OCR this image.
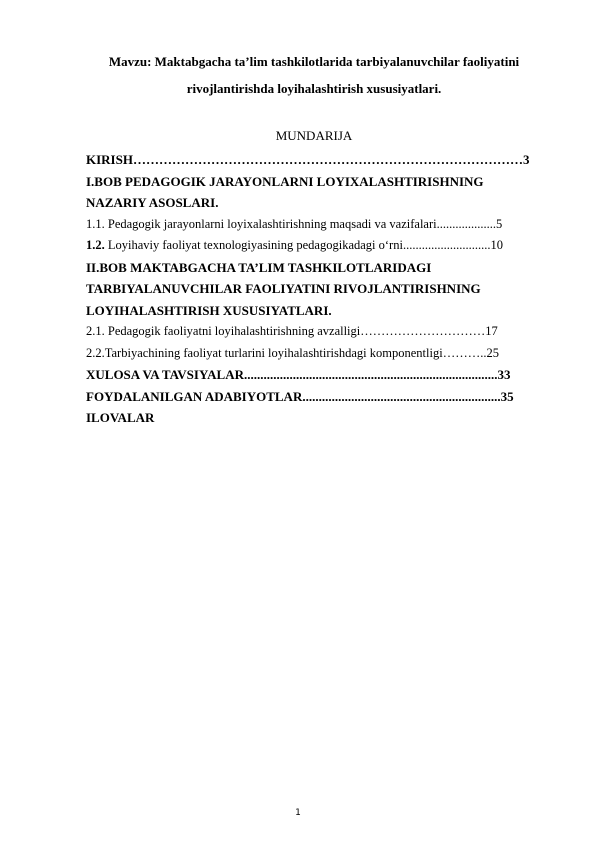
Mavzu: Maktabgacha ta’lim tashkilotlarida tarbiyalanuvchilar faoliyatini
rivojlantirishda loyihalashtirish xususiyatlari.
MUNDARIJA
KIRISH………………………………………………………………………………3
I.BOB PEDAGOGIK JARAYONLARNI LOYIXALASHTIRISHNING
NAZARIY ASOSLARI.
1.1. Pedagogik jarayonlarni loyixalashtirishning maqsadi va vazifalari...................5
1.2. Loyihaviy faoliyat texnologiyasining pedagogikadagi o‘rni............................10
II.BOB MAKTABGACHA TA’LIM TASHKILOTLARIDAGI
TARBIYALANUVCHILAR FAOLIYATINI RIVOJLANTIRISHNING
LOYIHALASHTIRISH XUSUSIYATLARI.
2.1. Pedagogik faoliyatni loyihalashtirishning avzalligi…………………………17
2.2.Tarbiyachining faoliyat turlarini loyihalashtirishdagi komponentligi………..25
XULOSA VA TAVSIYALAR..............................................................................33
FOYDALANILGAN ADABIYOTLAR.............................................................35
ILOVALAR
1
